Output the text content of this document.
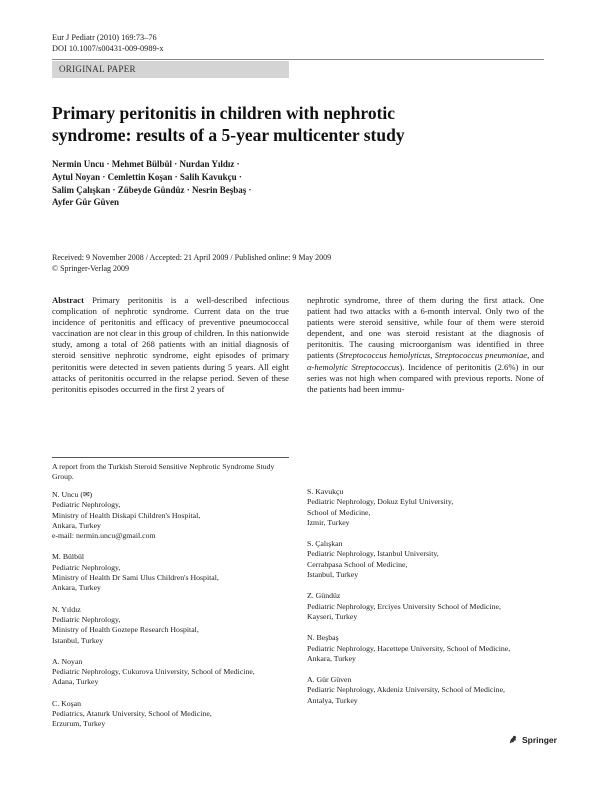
Eur J Pediatr (2010) 169:73–76
DOI 10.1007/s00431-009-0989-x
ORIGINAL PAPER
Primary peritonitis in children with nephrotic
syndrome: results of a 5-year multicenter study
Nermin Uncu · Mehmet Bülbül · Nurdan Yıldız ·
Aytul Noyan · Cemlettin Koşan · Salih Kavukçu ·
Salim Çalışkan · Zübeyde Gündüz · Nesrin Beşbaş ·
Ayfer Gür Güven
Received: 9 November 2008 / Accepted: 21 April 2009 / Published online: 9 May 2009
© Springer-Verlag 2009
Abstract Primary peritonitis is a well-described infectious complication of nephrotic syndrome. Current data on the true incidence of peritonitis and efficacy of preventive pneumococcal vaccination are not clear in this group of children. In this nationwide study, among a total of 268 patients with an initial diagnosis of steroid sensitive nephrotic syndrome, eight episodes of primary peritonitis were detected in seven patients during 5 years. All eight attacks of peritonitis occurred in the relapse period. Seven of these peritonitis episodes occurred in the first 2 years of
nephrotic syndrome, three of them during the first attack. One patient had two attacks with a 6-month interval. Only two of the patients were steroid sensitive, while four of them were steroid dependent, and one was steroid resistant at the diagnosis of peritonitis. The causing microorganism was identified in three patients (Streptococcus hemolyticus, Streptococcus pneumoniae, and α-hemolytic Streptococcus). Incidence of peritonitis (2.6%) in our series was not high when compared with previous reports. None of the patients had been immu-
A report from the Turkish Steroid Sensitive Nephrotic Syndrome Study Group.
N. Uncu (✉)
Pediatric Nephrology,
Ministry of Health Diskapi Children's Hospital,
Ankara, Turkey
e-mail: nermin.uncu@gmail.com
M. Bülbül
Pediatric Nephrology,
Ministry of Health Dr Sami Ulus Children's Hospital,
Ankara, Turkey
N. Yıldız
Pediatric Nephrology,
Ministry of Health Goztepe Research Hospital,
Istanbul, Turkey
A. Noyan
Pediatric Nephrology, Cukurova University, School of Medicine,
Adana, Turkey
C. Koşan
Pediatrics, Ataturk University, School of Medicine,
Erzurum, Turkey
S. Kavukçu
Pediatric Nephrology, Dokuz Eylul University,
School of Medicine,
Izmir, Turkey
S. Çalışkan
Pediatric Nephrology, Istanbul University,
Cerrahpasa School of Medicine,
Istanbul, Turkey
Z. Gündüz
Pediatric Nephrology, Erciyes University School of Medicine,
Kayseri, Turkey
N. Beşbaş
Pediatric Nephrology, Hacettepe University, School of Medicine,
Ankara, Turkey
A. Gür Güven
Pediatric Nephrology, Akdeniz University, School of Medicine,
Antalya, Turkey
Springer
